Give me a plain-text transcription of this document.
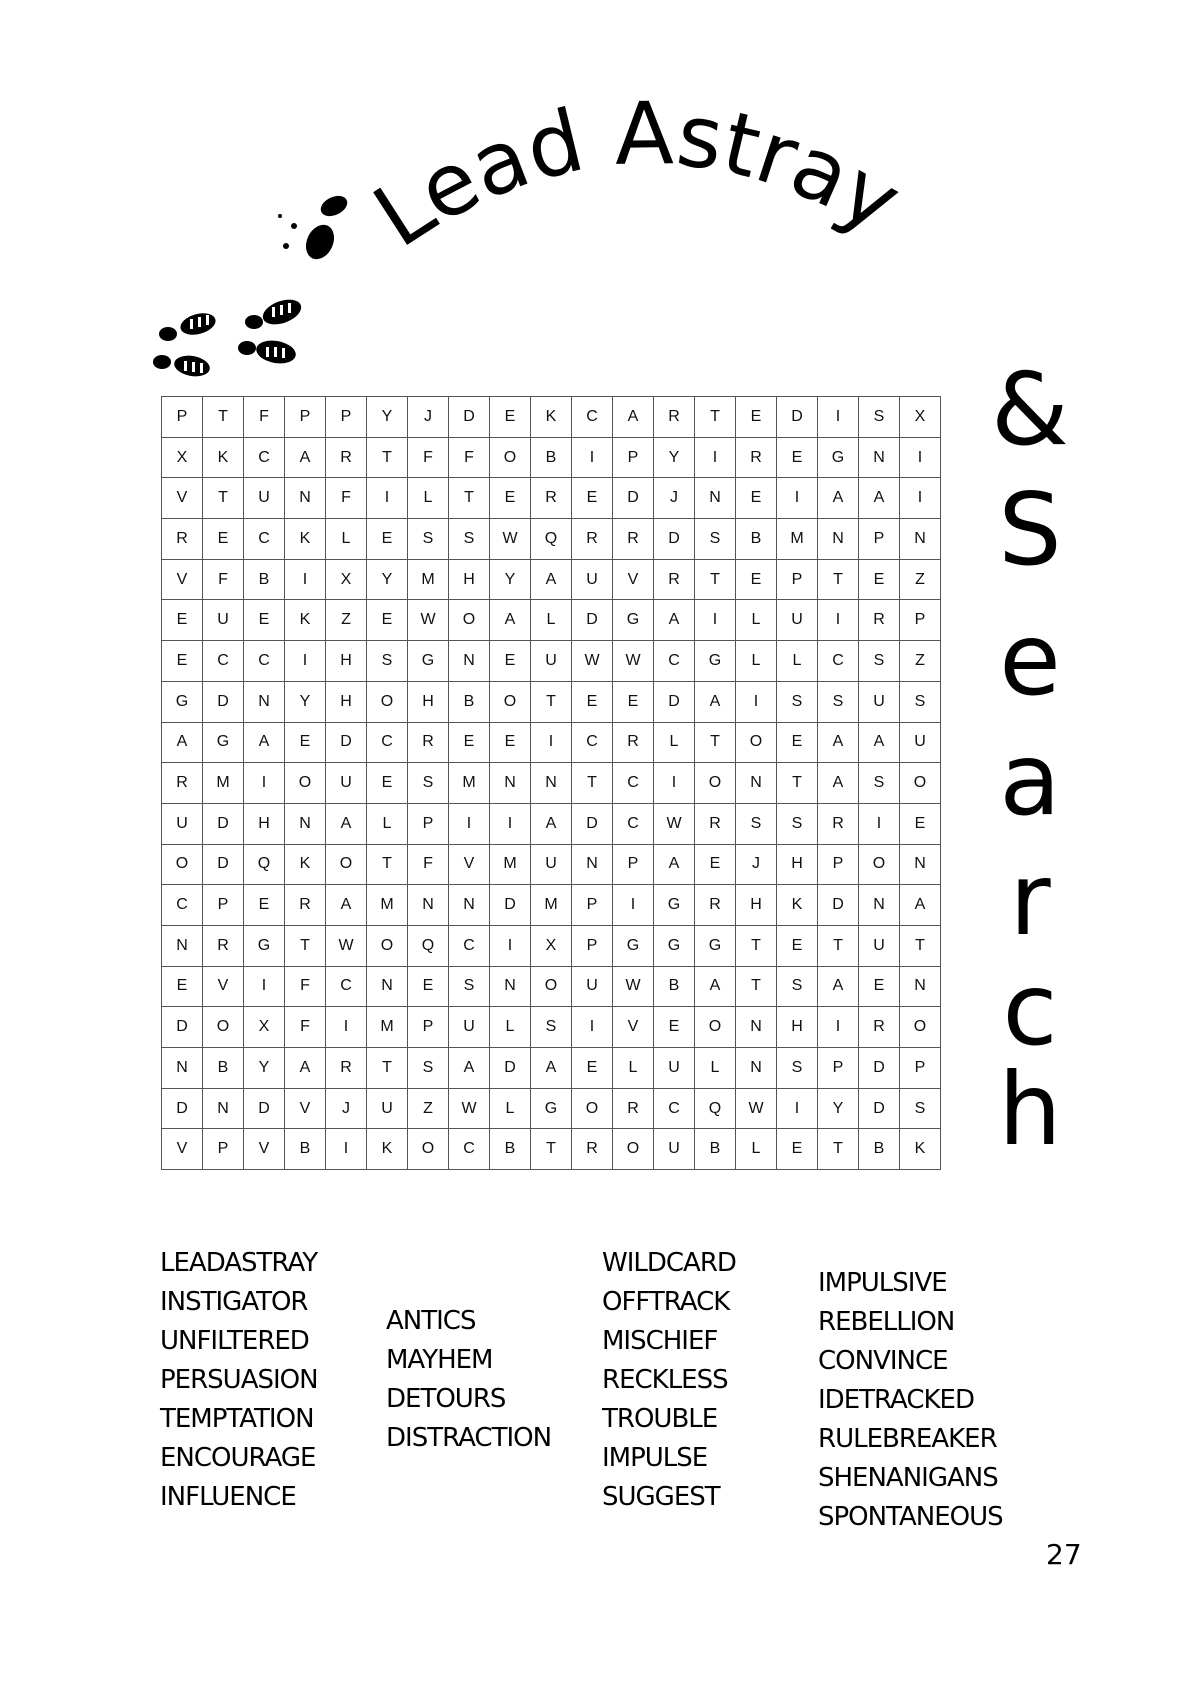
Lead Astray
&
S
e
a
r
c
h
P	T	F	P	P	Y	J	D	E	K	C	A	R	T	E	D	I	S	X
X	K	C	A	R	T	F	F	O	B	I	P	Y	I	R	E	G	N	I
V	T	U	N	F	I	L	T	E	R	E	D	J	N	E	I	A	A	I
R	E	C	K	L	E	S	S	W	Q	R	R	D	S	B	M	N	P	N
V	F	B	I	X	Y	M	H	Y	A	U	V	R	T	E	P	T	E	Z
E	U	E	K	Z	E	W	O	A	L	D	G	A	I	L	U	I	R	P
E	C	C	I	H	S	G	N	E	U	W	W	C	G	L	L	C	S	Z
G	D	N	Y	H	O	H	B	O	T	E	E	D	A	I	S	S	U	S
A	G	A	E	D	C	R	E	E	I	C	R	L	T	O	E	A	A	U
R	M	I	O	U	E	S	M	N	N	T	C	I	O	N	T	A	S	O
U	D	H	N	A	L	P	I	I	A	D	C	W	R	S	S	R	I	E
O	D	Q	K	O	T	F	V	M	U	N	P	A	E	J	H	P	O	N
C	P	E	R	A	M	N	N	D	M	P	I	G	R	H	K	D	N	A
N	R	G	T	W	O	Q	C	I	X	P	G	G	G	T	E	T	U	T
E	V	I	F	C	N	E	S	N	O	U	W	B	A	T	S	A	E	N
D	O	X	F	I	M	P	U	L	S	I	V	E	O	N	H	I	R	O
N	B	Y	A	R	T	S	A	D	A	E	L	U	L	N	S	P	D	P
D	N	D	V	J	U	Z	W	L	G	O	R	C	Q	W	I	Y	D	S
V	P	V	B	I	K	O	C	B	T	R	O	U	B	L	E	T	B	K
LEADASTRAY
INSTIGATOR
UNFILTERED
PERSUASION
TEMPTATION
ENCOURAGE
INFLUENCE
ANTICS
MAYHEM
DETOURS
DISTRACTION
WILDCARD
OFFTRACK
MISCHIEF
RECKLESS
TROUBLE
IMPULSE
SUGGEST
IMPULSIVE
REBELLION
CONVINCE
IDETRACKED
RULEBREAKER
SHENANIGANS
SPONTANEOUS
27
